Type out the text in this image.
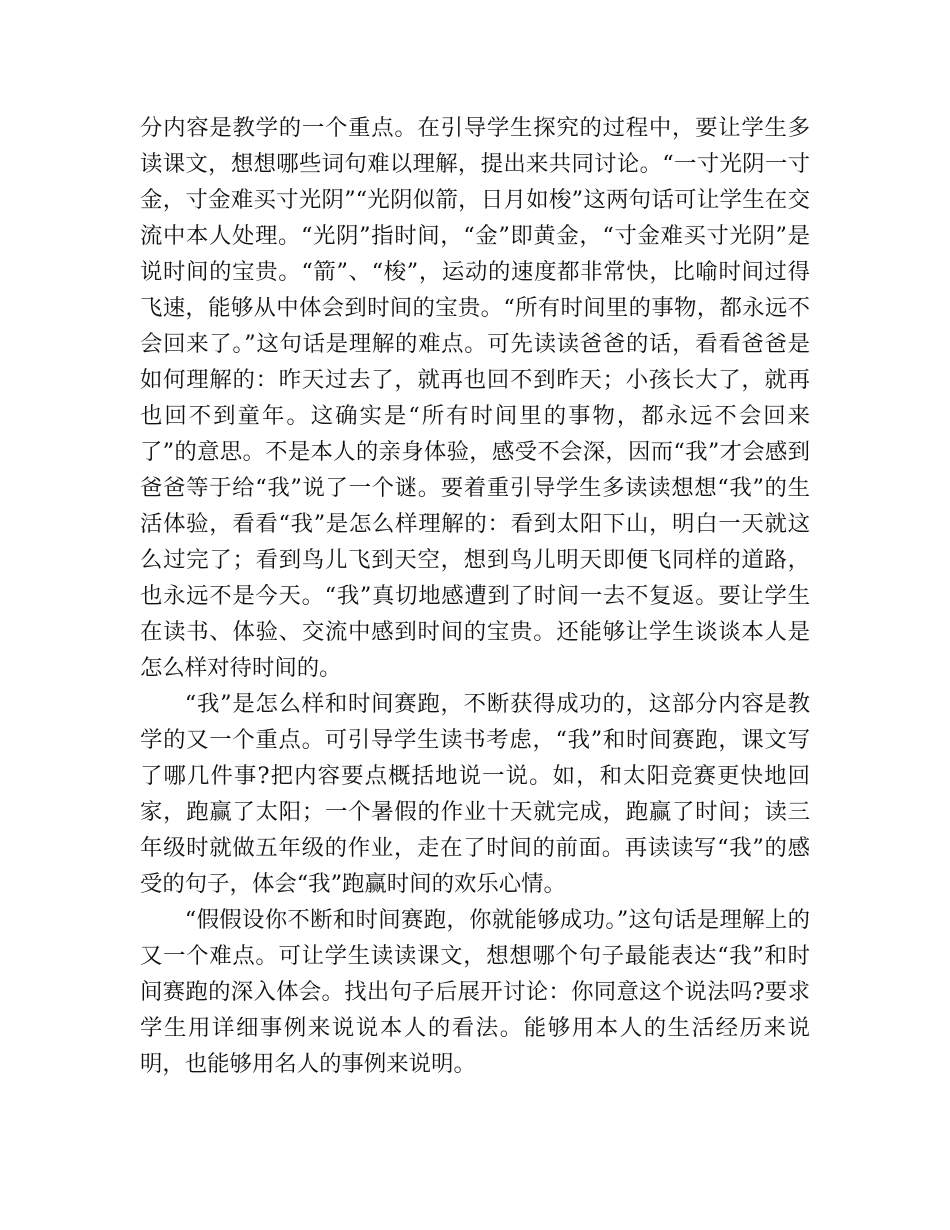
分内容是教学的一个重点。在引导学生探究的过程中，要让学生多读课文，想想哪些词句难以理解，提出来共同讨论。“一寸光阴一寸金，寸金难买寸光阴”“光阴似箭，日月如梭”这两句话可让学生在交流中本人处理。“光阴”指时间，“金”即黄金，“寸金难买寸光阴”是说时间的宝贵。“箭”、“梭”，运动的速度都非常快，比喻时间过得飞速，能够从中体会到时间的宝贵。“所有时间里的事物，都永远不会回来了。”这句话是理解的难点。可先读读爸爸的话，看看爸爸是如何理解的：昨天过去了，就再也回不到昨天；小孩长大了，就再也回不到童年。这确实是“所有时间里的事物，都永远不会回来了”的意思。不是本人的亲身体验，感受不会深，因而“我”才会感到爸爸等于给“我”说了一个谜。要着重引导学生多读读想想“我”的生活体验，看看“我”是怎么样理解的：看到太阳下山，明白一天就这么过完了；看到鸟儿飞到天空，想到鸟儿明天即便飞同样的道路，也永远不是今天。“我”真切地感遭到了时间一去不复返。要让学生在读书、体验、交流中感到时间的宝贵。还能够让学生谈谈本人是怎么样对待时间的。

“我”是怎么样和时间赛跑，不断获得成功的，这部分内容是教学的又一个重点。可引导学生读书考虑，“我”和时间赛跑，课文写了哪几件事?把内容要点概括地说一说。如，和太阳竞赛更快地回家，跑赢了太阳；一个暑假的作业十天就完成，跑赢了时间；读三年级时就做五年级的作业，走在了时间的前面。再读读写“我”的感受的句子，体会“我”跑赢时间的欢乐心情。

“假假设你不断和时间赛跑，你就能够成功。”这句话是理解上的又一个难点。可让学生读读课文，想想哪个句子最能表达“我”和时间赛跑的深入体会。找出句子后展开讨论：你同意这个说法吗?要求学生用详细事例来说说本人的看法。能够用本人的生活经历来说明，也能够用名人的事例来说明。
